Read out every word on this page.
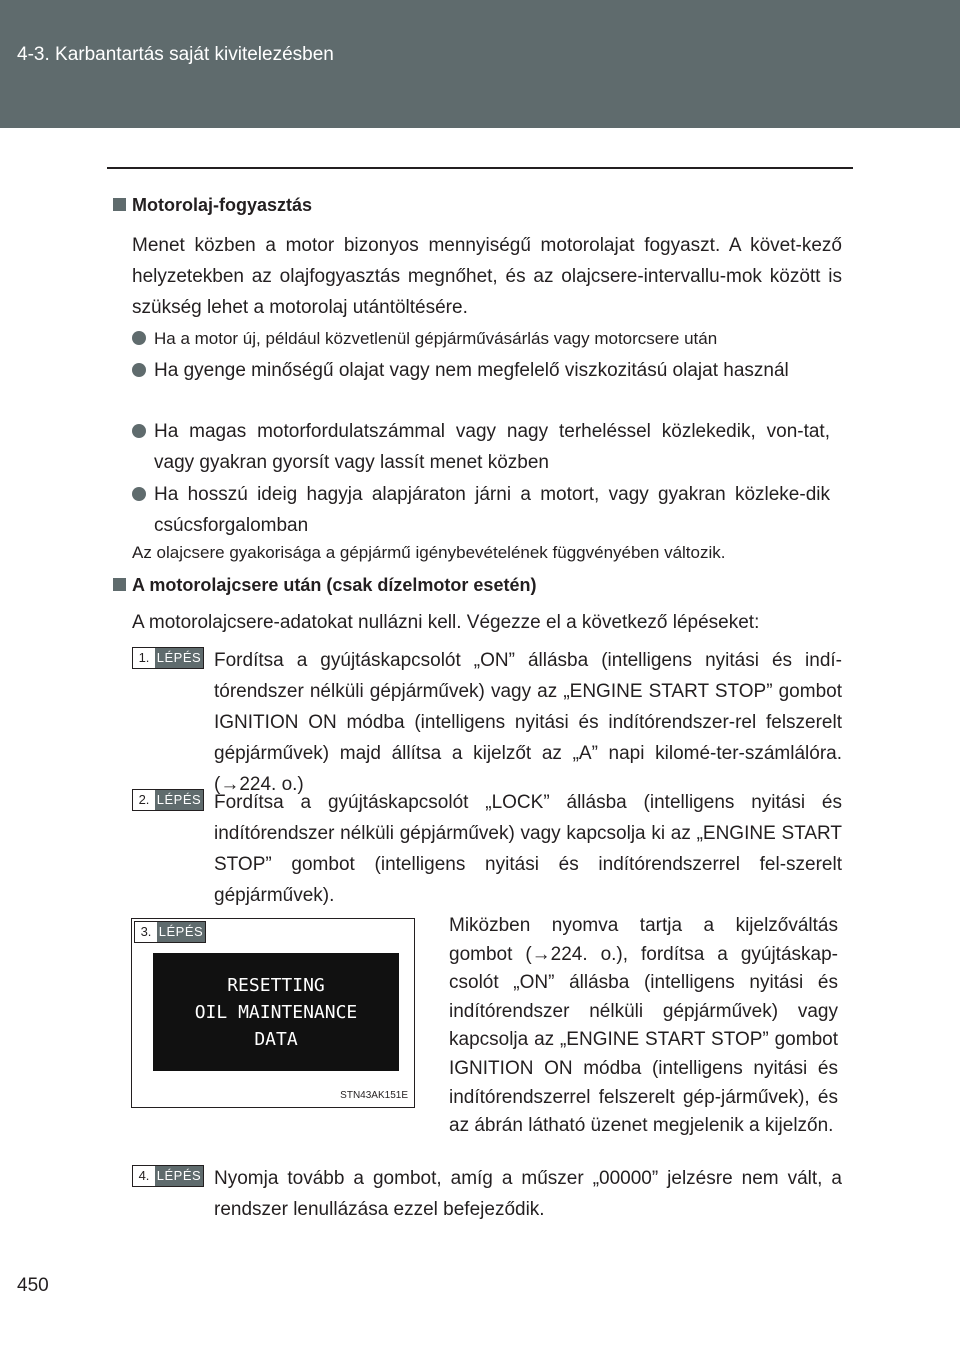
4-3. Karbantartás saját kivitelezésben
Motorolaj-fogyasztás
Menet közben a motor bizonyos mennyiségű motorolajat fogyaszt. A követ-kező helyzetekben az olajfogyasztás megnőhet, és az olajcsere-intervallu-mok között is szükség lehet a motorolaj utántöltésére.
Ha a motor új, például közvetlenül gépjárművásárlás vagy motorcsere után
Ha gyenge minőségű olajat vagy nem megfelelő viszkozitású olajat használ
Ha magas motorfordulatszámmal vagy nagy terheléssel közlekedik, von-tat, vagy gyakran gyorsít vagy lassít menet közben
Ha hosszú ideig hagyja alapjáraton járni a motort, vagy gyakran közleke-dik csúcsforgalomban
Az olajcsere gyakorisága a gépjármű igénybevételének függvényében változik.
A motorolajcsere után (csak dízelmotor esetén)
A motorolajcsere-adatokat nullázni kell. Végezze el a következő lépéseket:
1. LÉPÉS Fordítsa a gyújtáskapcsolót „ON” állásba (intelligens nyitási és indí-tórendszer nélküli gépjárművek) vagy az „ENGINE START STOP” gombot IGNITION ON módba (intelligens nyitási és indítórendszer-rel felszerelt gépjárművek) majd állítsa a kijelzőt az „A” napi kilomé-ter-számlálóra. (→224. o.)
2. LÉPÉS Fordítsa a gyújtáskapcsolót „LOCK” állásba (intelligens nyitási és indítórendszer nélküli gépjárművek) vagy kapcsolja ki az „ENGINE START STOP” gombot (intelligens nyitási és indítórendszerrel fel-szerelt gépjárművek).
3. LÉPÉS
RESETTING
OIL MAINTENANCE
DATA
STN43AK151E
Miközben nyomva tartja a kijelzőváltás gombot (→224. o.), fordítsa a gyújtáskap-csolót „ON” állásba (intelligens nyitási és indítórendszer nélküli gépjárművek) vagy kapcsolja az „ENGINE START STOP” gombot IGNITION ON módba (intelligens nyitási és indítórendszerrel felszerelt gép-járművek), és az ábrán látható üzenet megjelenik a kijelzőn.
4. LÉPÉS Nyomja tovább a gombot, amíg a műszer „00000” jelzésre nem vált, a rendszer lenullázása ezzel befejeződik.
450
